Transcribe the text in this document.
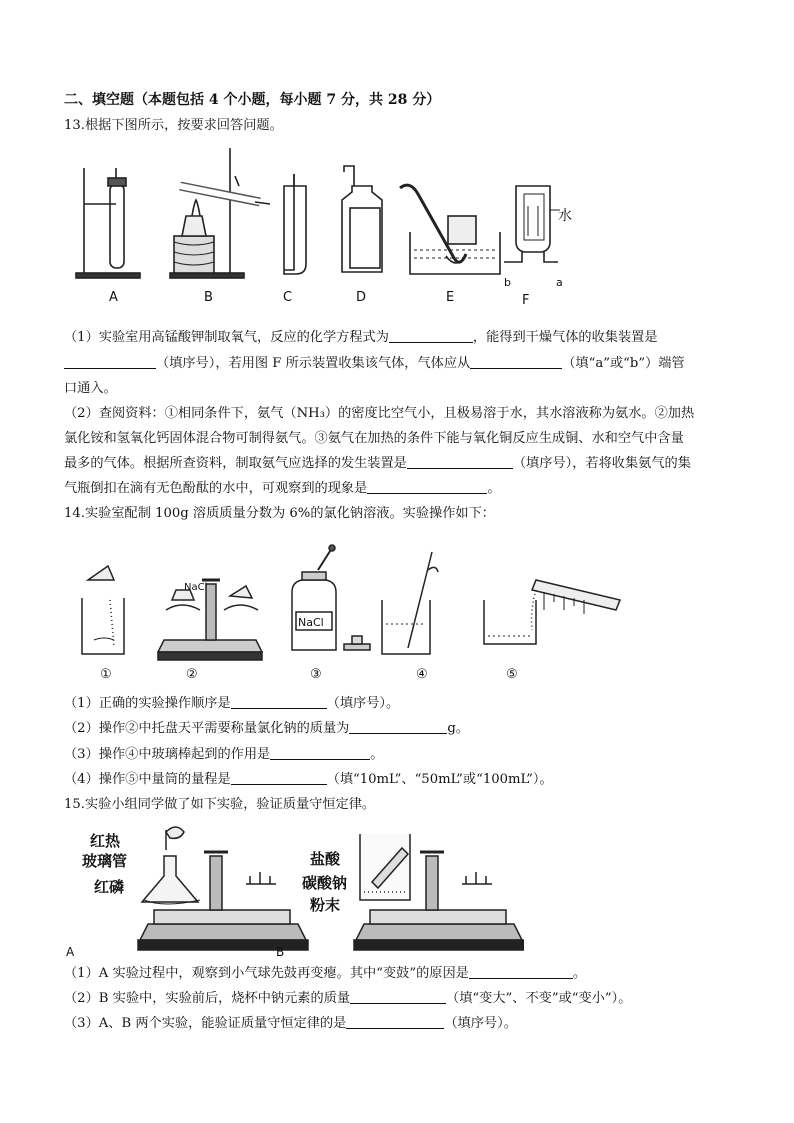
二、填空题（本题包括 4 个小题，每小题 7 分，共 28 分）
13.根据下图所示，按要求回答问题。
A	B	C	D	E	F
水
b	a
（1）实验室用高锰酸钾制取氧气，反应的化学方程式为	，能得到干燥气体的收集装置是
（填序号），若用图 F 所示装置收集该气体，气体应从	（填“a”或“b”）端管
口通入。
（2）查阅资料：①相同条件下，氨气（NH₃）的密度比空气小，且极易溶于水，其水溶液称为氨水。②加热
氯化铵和氢氧化钙固体混合物可制得氨气。③氨气在加热的条件下能与氧化铜反应生成铜、水和空气中含量
最多的气体。根据所查资料，制取氨气应选择的发生装置是	（填序号），若将收集氨气的集
气瓶倒扣在滴有无色酚酞的水中，可观察到的现象是	。
14.实验室配制 100g 溶质质量分数为 6%的氯化钠溶液。实验操作如下：
NaCl
NaCl
①	②	③	④	⑤
（1）正确的实验操作顺序是	（填序号）。
（2）操作②中托盘天平需要称量氯化钠的质量为	g。
（3）操作④中玻璃棒起到的作用是	。
（4）操作⑤中量筒的量程是	（填“10mL”、“50mL”或“100mL”）。
15.实验小组同学做了如下实验，验证质量守恒定律。
红热
玻璃管
红磷
盐酸
碳酸钠
粉末
A	B
（1）A 实验过程中，观察到小气球先鼓再变瘪。其中“变鼓”的原因是	。
（2）B 实验中，实验前后，烧杯中钠元素的质量	（填“变大”、不变”或“变小”）。
（3）A、B 两个实验，能验证质量守恒定律的是	（填序号）。
